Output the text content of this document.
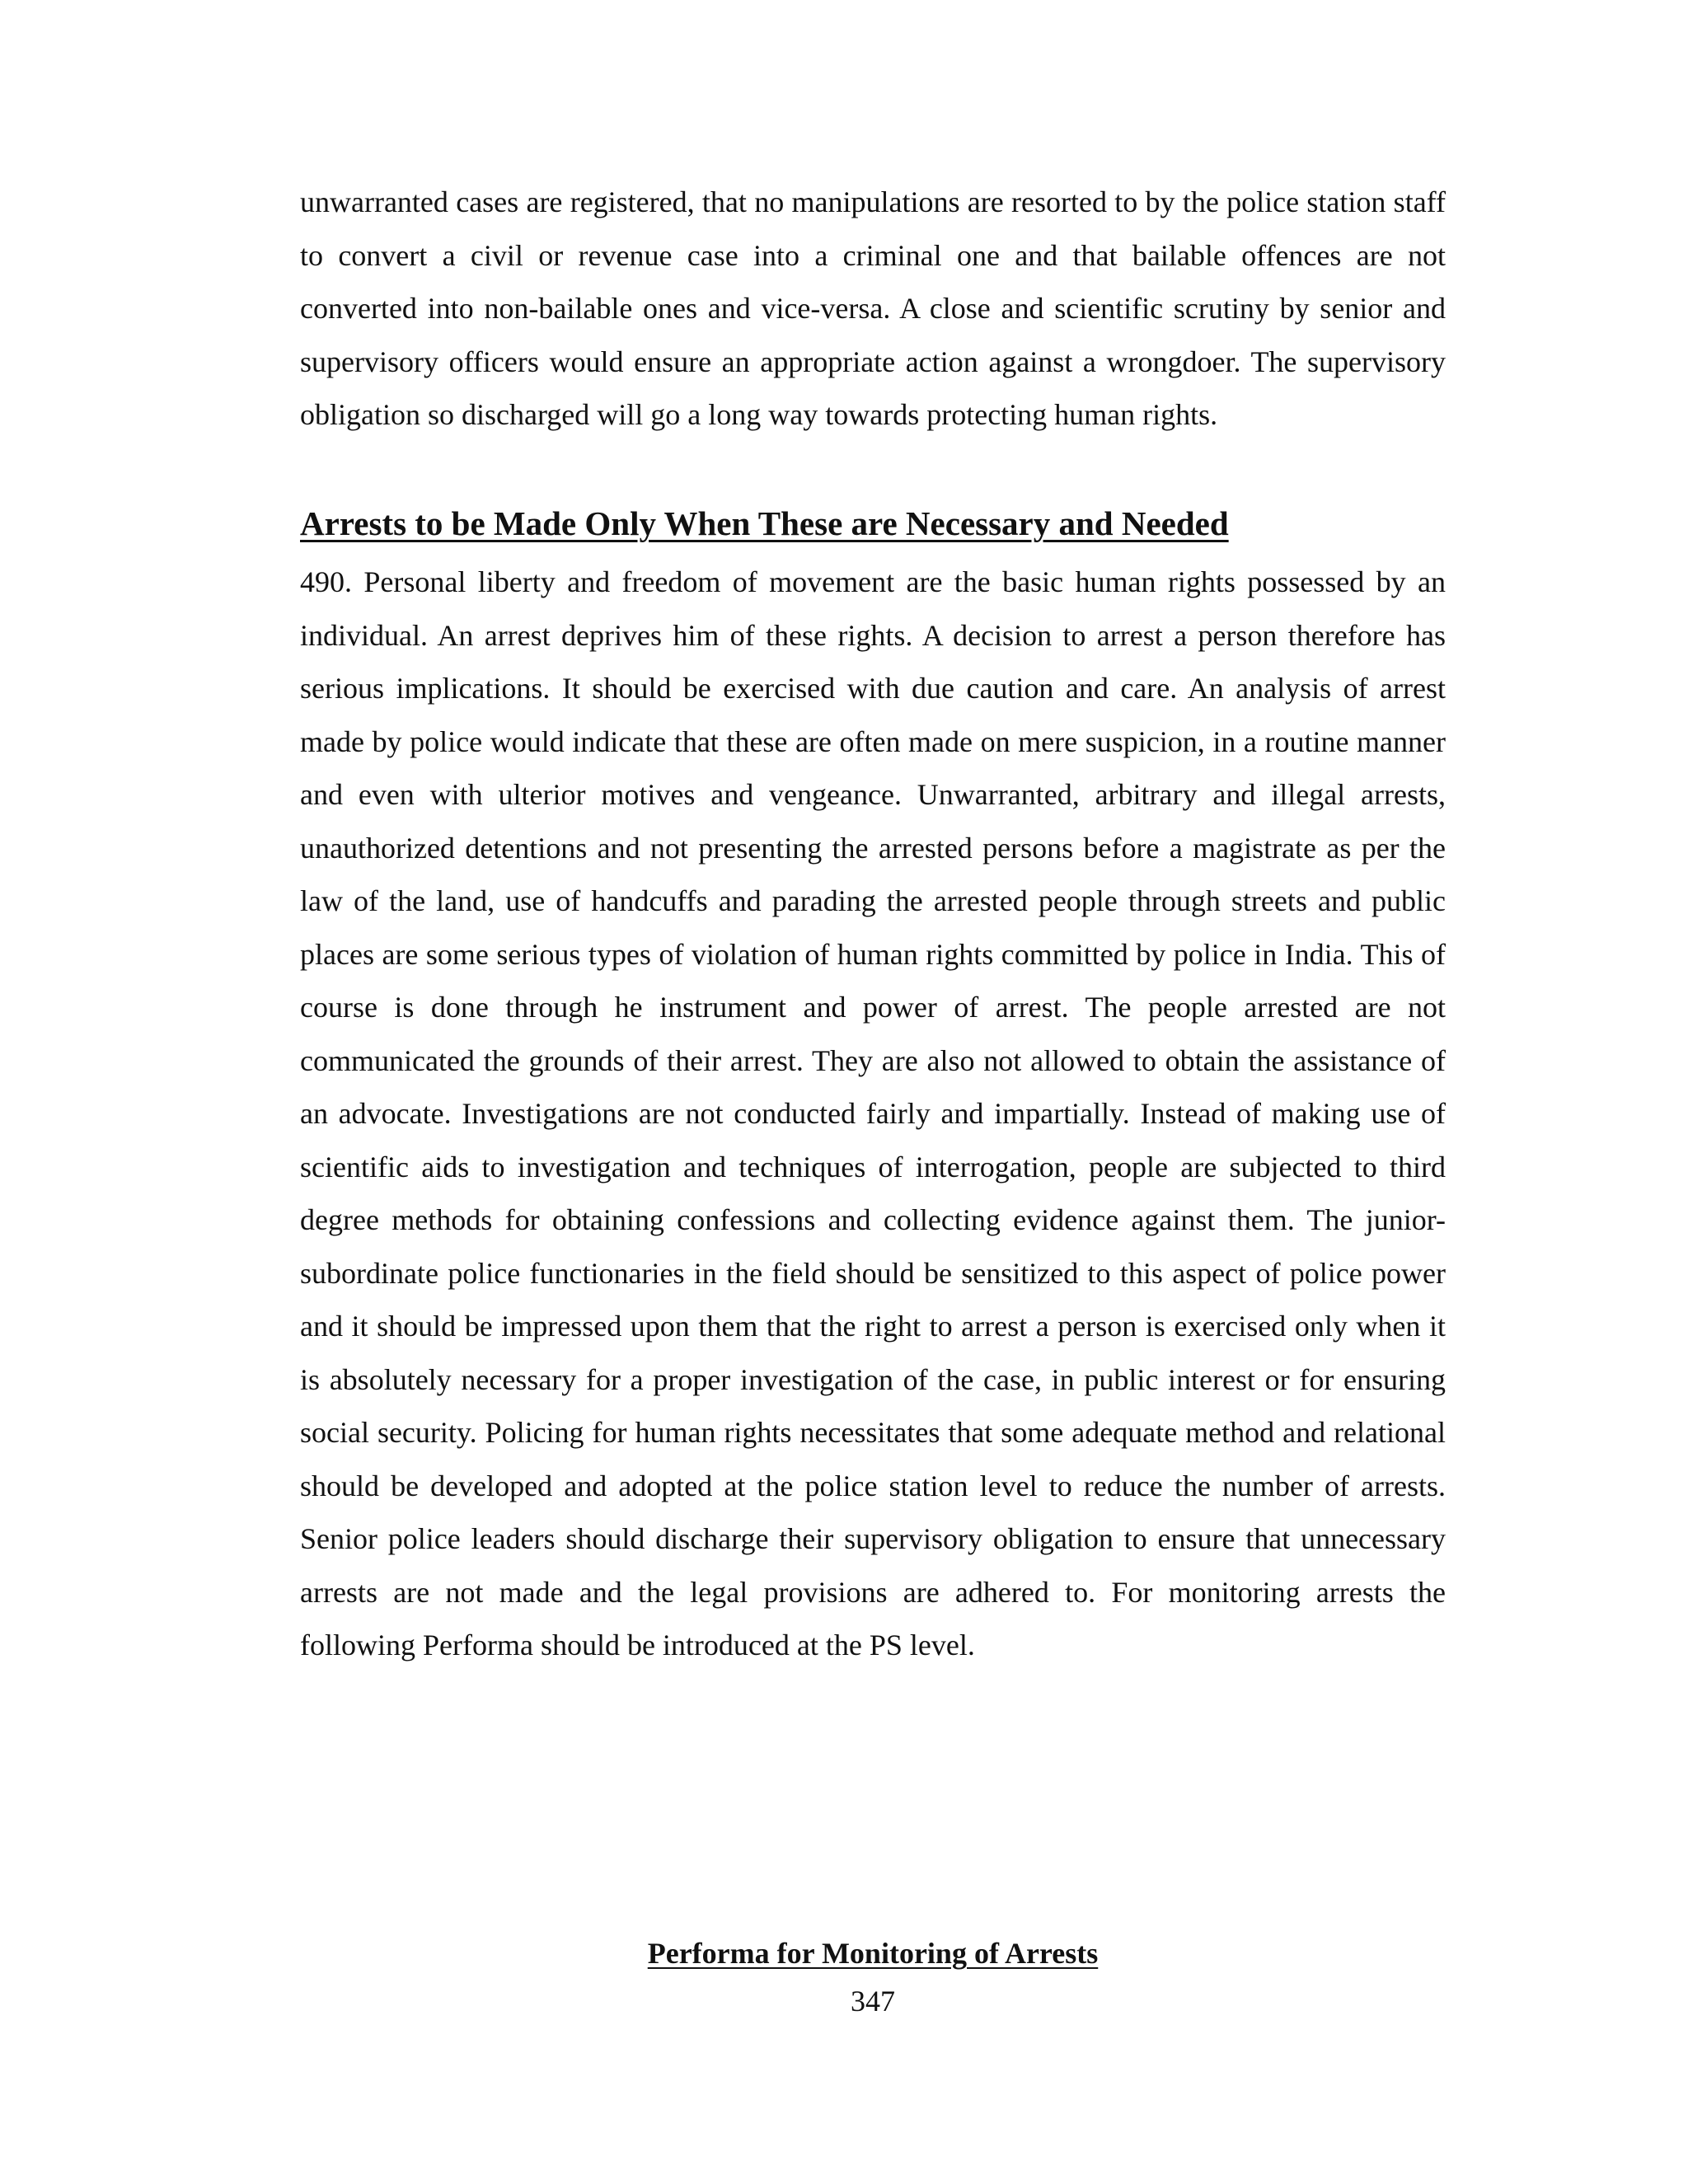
unwarranted cases are registered, that no manipulations are resorted to by the police station staff to convert a civil or revenue case into a criminal one and that bailable offences are not converted into non-bailable ones and vice-versa. A close and scientific scrutiny by senior and supervisory officers would ensure an appropriate action against a wrongdoer. The supervisory obligation so discharged will go a long way towards protecting human rights.

Arrests to be Made Only When These are Necessary and Needed

490. Personal liberty and freedom of movement are the basic human rights possessed by an individual. An arrest deprives him of these rights. A decision to arrest a person therefore has serious implications. It should be exercised with due caution and care. An analysis of arrest made by police would indicate that these are often made on mere suspicion, in a routine manner and even with ulterior motives and vengeance. Unwarranted, arbitrary and illegal arrests, unauthorized detentions and not presenting the arrested persons before a magistrate as per the law of the land, use of handcuffs and parading the arrested people through streets and public places are some serious types of violation of human rights committed by police in India. This of course is done through he instrument and power of arrest. The people arrested are not communicated the grounds of their arrest. They are also not allowed to obtain the assistance of an advocate. Investigations are not conducted fairly and impartially. Instead of making use of scientific aids to investigation and techniques of interrogation, people are subjected to third degree methods for obtaining confessions and collecting evidence against them. The junior-subordinate police functionaries in the field should be sensitized to this aspect of police power and it should be impressed upon them that the right to arrest a person is exercised only when it is absolutely necessary for a proper investigation of the case, in public interest or for ensuring social security. Policing for human rights necessitates that some adequate method and relational should be developed and adopted at the police station level to reduce the number of arrests. Senior police leaders should discharge their supervisory obligation to ensure that unnecessary arrests are not made and the legal provisions are adhered to. For monitoring arrests the following Performa should be introduced at the PS level.

Performa for Monitoring of Arrests
347
